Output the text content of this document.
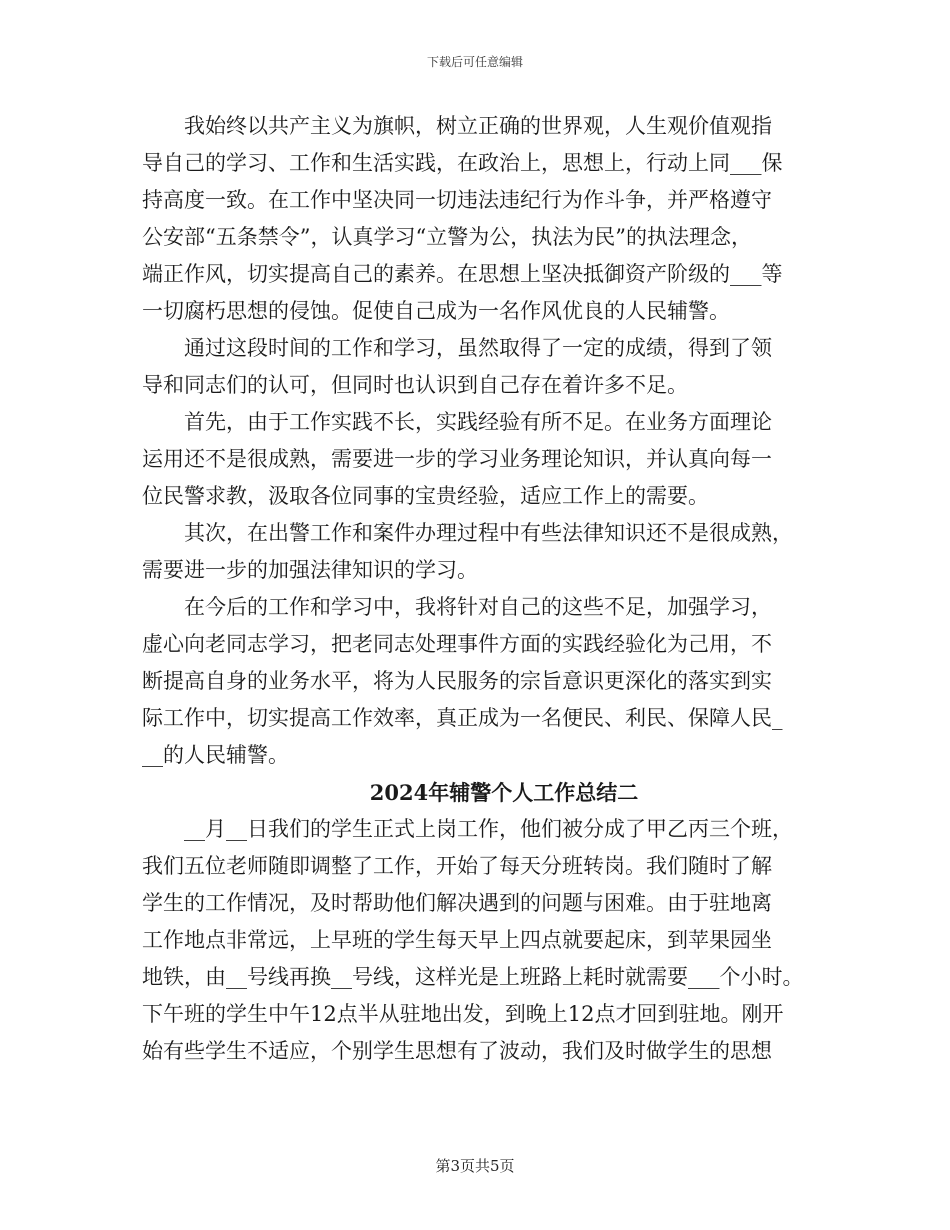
下载后可任意编辑
　　我始终以共产主义为旗帜，树立正确的世界观，人生观价值观指
导自己的学习、工作和生活实践，在政治上，思想上，行动上同___保
持高度一致。在工作中坚决同一切违法违纪行为作斗争，并严格遵守
公安部“五条禁令”，认真学习“立警为公，执法为民”的执法理念，
端正作风，切实提高自己的素养。在思想上坚决抵御资产阶级的___等
一切腐朽思想的侵蚀。促使自己成为一名作风优良的人民辅警。
　　通过这段时间的工作和学习，虽然取得了一定的成绩，得到了领
导和同志们的认可，但同时也认识到自己存在着许多不足。
　　首先，由于工作实践不长，实践经验有所不足。在业务方面理论
运用还不是很成熟，需要进一步的学习业务理论知识，并认真向每一
位民警求教，汲取各位同事的宝贵经验，适应工作上的需要。
　　其次，在出警工作和案件办理过程中有些法律知识还不是很成熟，
需要进一步的加强法律知识的学习。
　　在今后的工作和学习中，我将针对自己的这些不足，加强学习，
虚心向老同志学习，把老同志处理事件方面的实践经验化为己用，不
断提高自身的业务水平，将为人民服务的宗旨意识更深化的落实到实
际工作中，切实提高工作效率，真正成为一名便民、利民、保障人民_
__的人民辅警。
2024年辅警个人工作总结二
　　__月__日我们的学生正式上岗工作，他们被分成了甲乙丙三个班，
我们五位老师随即调整了工作，开始了每天分班转岗。我们随时了解
学生的工作情况，及时帮助他们解决遇到的问题与困难。由于驻地离
工作地点非常远，上早班的学生每天早上四点就要起床，到苹果园坐
地铁，由__号线再换__号线，这样光是上班路上耗时就需要___个小时。
下午班的学生中午12点半从驻地出发，到晚上12点才回到驻地。刚开
始有些学生不适应，个别学生思想有了波动，我们及时做学生的思想
第3页共5页
